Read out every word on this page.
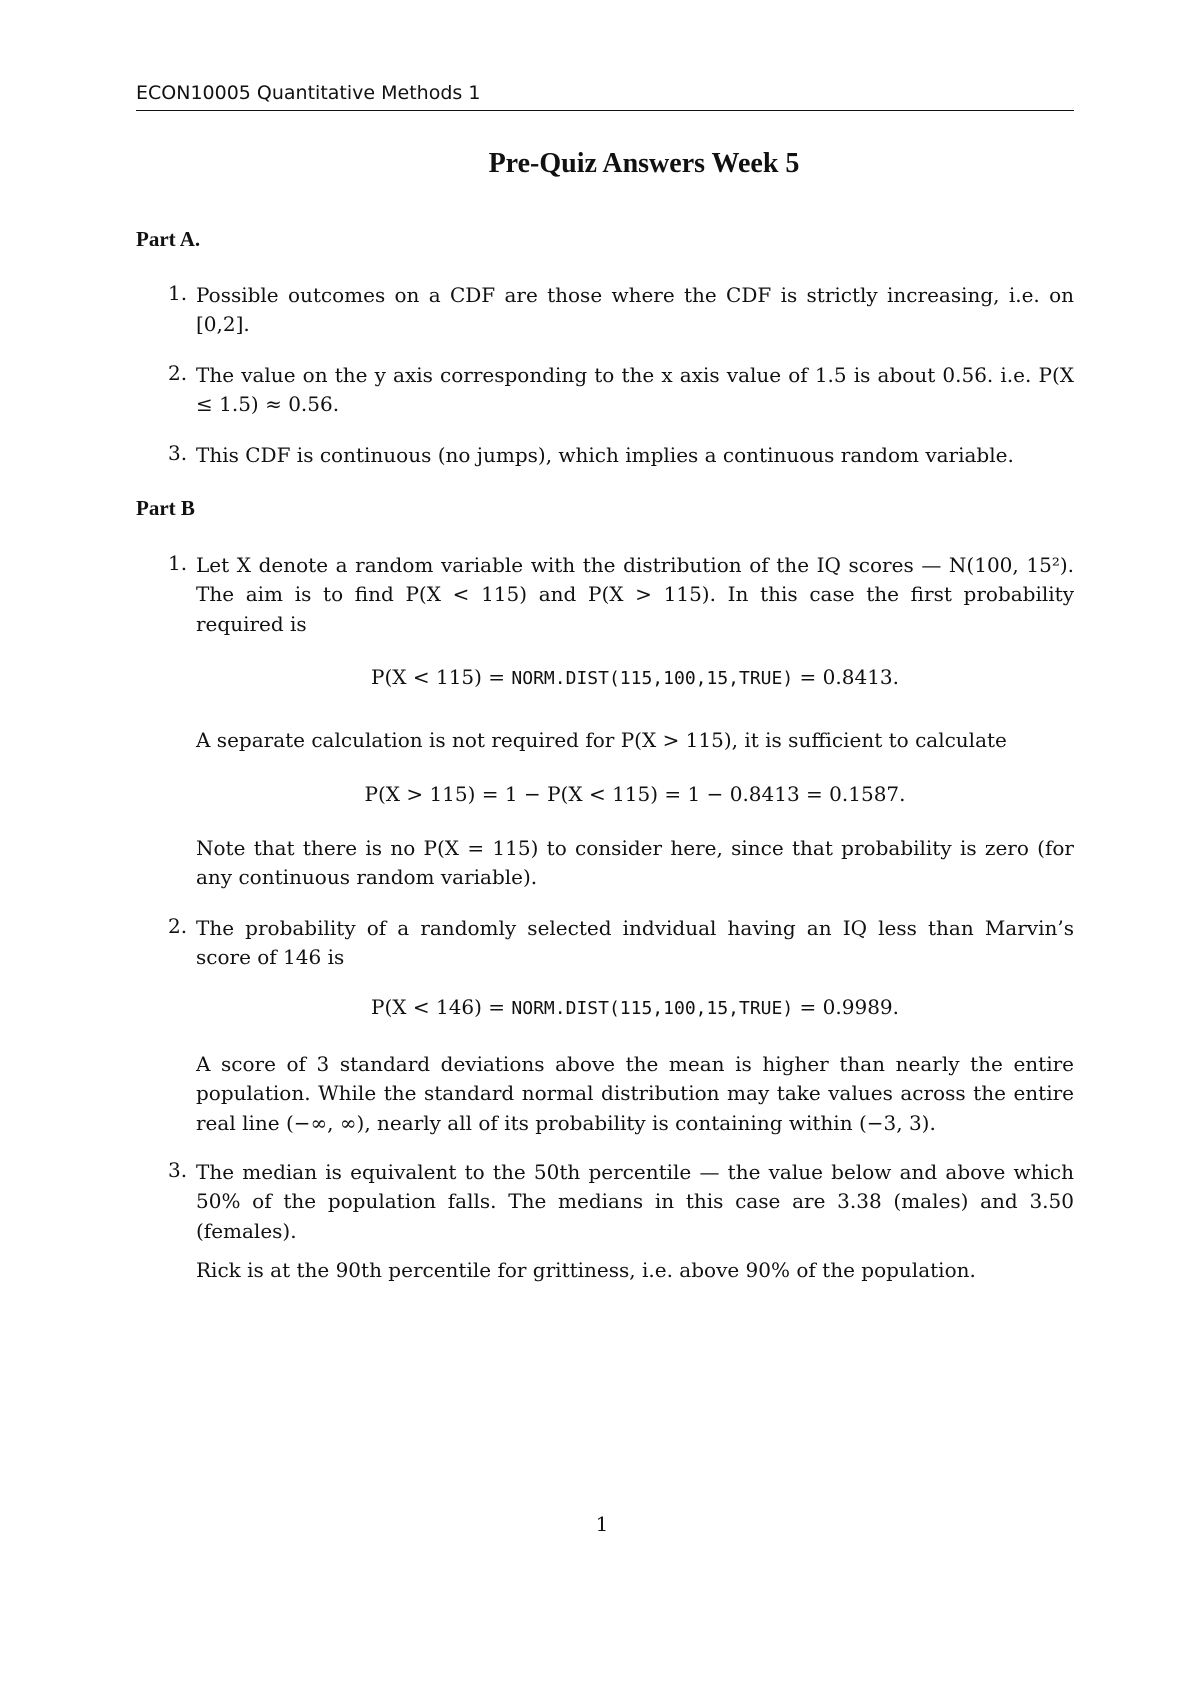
ECON10005 Quantitative Methods 1
Pre-Quiz Answers Week 5
Part A.
1. Possible outcomes on a CDF are those where the CDF is strictly increasing, i.e. on [0,2].
2. The value on the y axis corresponding to the x axis value of 1.5 is about 0.56. i.e. P(X ≤ 1.5) ≈ 0.56.
3. This CDF is continuous (no jumps), which implies a continuous random variable.
Part B
1. Let X denote a random variable with the distribution of the IQ scores — N(100, 15²). The aim is to find P(X < 115) and P(X > 115). In this case the first probability required is
P(X < 115) = NORM.DIST(115,100,15,TRUE) = 0.8413.
A separate calculation is not required for P(X > 115), it is sufficient to calculate
P(X > 115) = 1 − P(X < 115) = 1 − 0.8413 = 0.1587.
Note that there is no P(X = 115) to consider here, since that probability is zero (for any continuous random variable).
2. The probability of a randomly selected indvidual having an IQ less than Marvin’s score of 146 is
P(X < 146) = NORM.DIST(115,100,15,TRUE) = 0.9989.
A score of 3 standard deviations above the mean is higher than nearly the entire population. While the standard normal distribution may take values across the entire real line (−∞, ∞), nearly all of its probability is containing within (−3, 3).
3. The median is equivalent to the 50th percentile — the value below and above which 50% of the population falls. The medians in this case are 3.38 (males) and 3.50 (females).
Rick is at the 90th percentile for grittiness, i.e. above 90% of the population.
1
